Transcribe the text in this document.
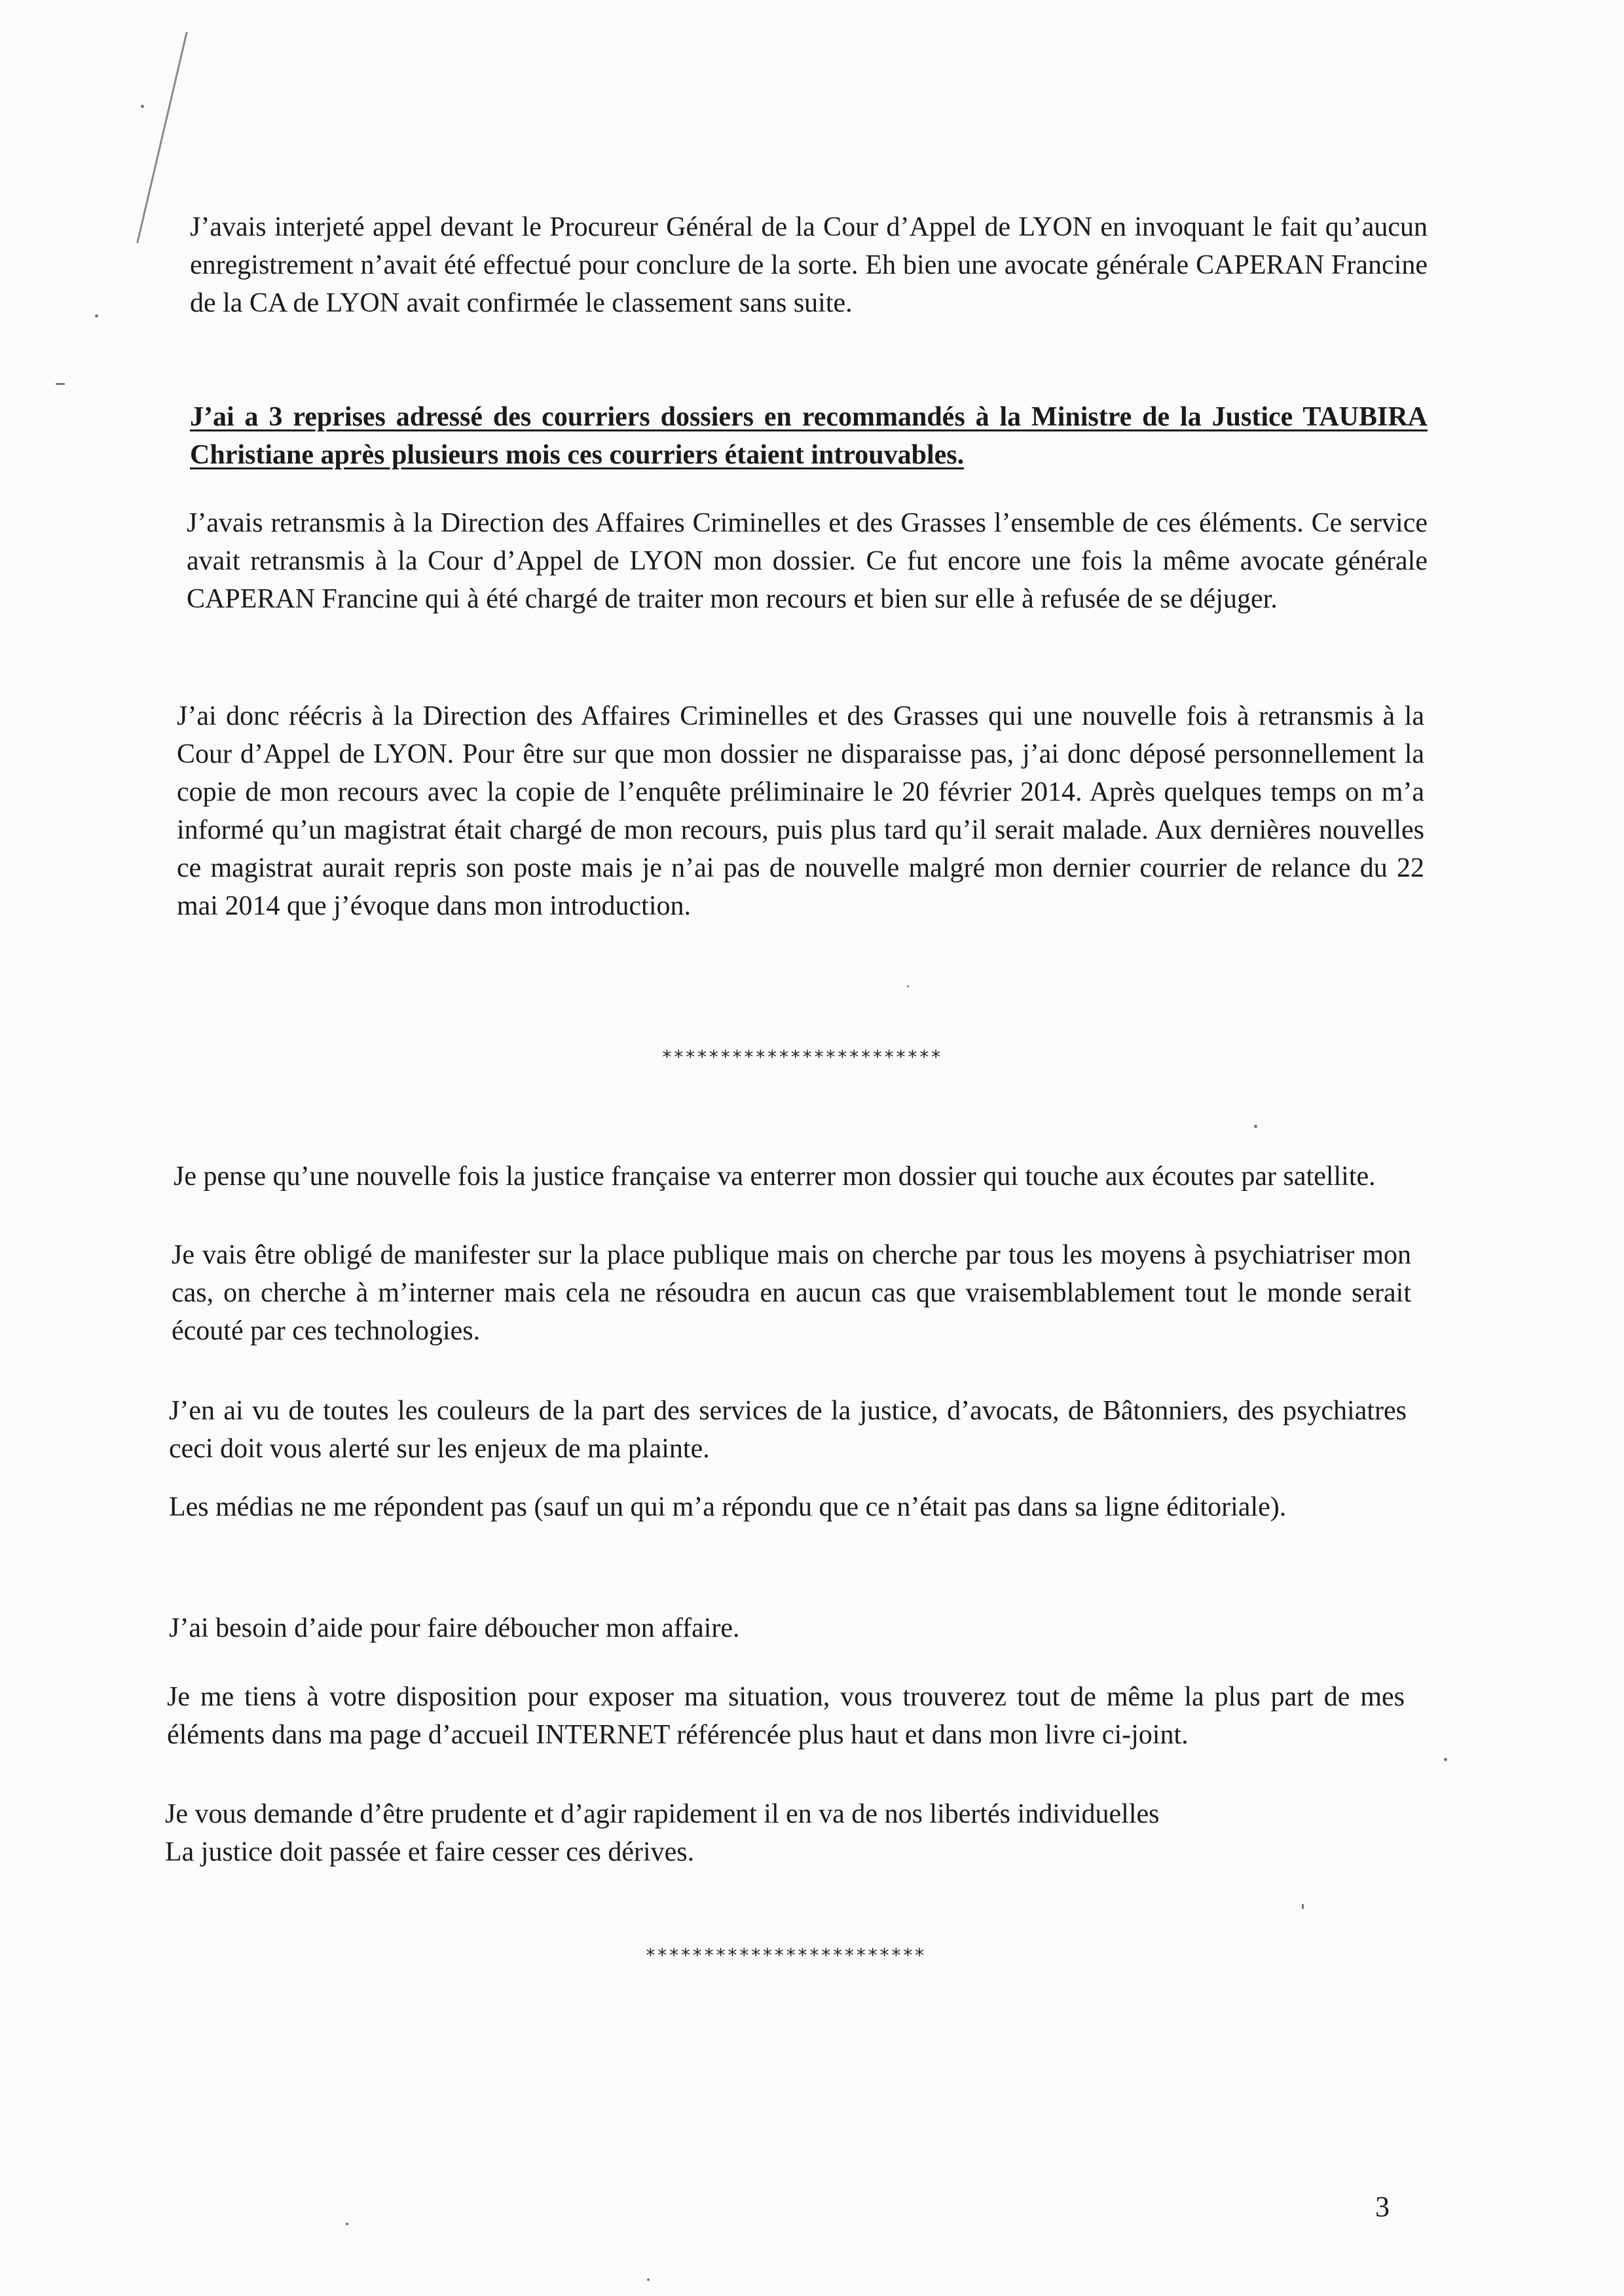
J’avais interjeté appel devant le Procureur Général de la Cour d’Appel de LYON en invoquant le fait qu’aucun enregistrement n’avait été effectué pour conclure de la sorte. Eh bien une avocate générale CAPERAN Francine de la CA de LYON avait confirmée le classement sans suite.

J’ai a 3 reprises adressé des courriers dossiers en recommandés à la Ministre de la Justice TAUBIRA Christiane après plusieurs mois ces courriers étaient introuvables.

J’avais retransmis à la Direction des Affaires Criminelles et des Grasses l’ensemble de ces éléments. Ce service avait retransmis à la Cour d’Appel de LYON mon dossier. Ce fut encore une fois la même avocate générale CAPERAN Francine qui à été chargé de traiter mon recours et bien sur elle à refusée de se déjuger.

J’ai donc réécris à la Direction des Affaires Criminelles et des Grasses qui une nouvelle fois à retransmis à la Cour d’Appel de LYON. Pour être sur que mon dossier ne disparaisse pas, j’ai donc déposé personnellement la copie de mon recours avec la copie de l’enquête préliminaire le 20 février 2014. Après quelques temps on m’a informé qu’un magistrat était chargé de mon recours, puis plus tard qu’il serait malade. Aux dernières nouvelles ce magistrat aurait repris son poste mais je n’ai pas de nouvelle malgré mon dernier courrier de relance du 22 mai 2014 que j’évoque dans mon introduction.

************************

Je pense qu’une nouvelle fois la justice française va enterrer mon dossier qui touche aux écoutes par satellite.

Je vais être obligé de manifester sur la place publique mais on cherche par tous les moyens à psychiatriser mon cas, on cherche à m’interner mais cela ne résoudra en aucun cas que vraisemblablement tout le monde serait écouté par ces technologies.

J’en ai vu de toutes les couleurs de la part des services de la justice, d’avocats, de Bâtonniers, des psychiatres ceci doit vous alerté sur les enjeux de ma plainte.

Les médias ne me répondent pas (sauf un qui m’a répondu que ce n’était pas dans sa ligne éditoriale).

J’ai besoin d’aide pour faire déboucher mon affaire.

Je me tiens à votre disposition pour exposer ma situation, vous trouverez tout de même la plus part de mes éléments dans ma page d’accueil INTERNET référencée plus haut et dans mon livre ci-joint.

Je vous demande d’être prudente et d’agir rapidement il en va de nos libertés individuelles

La justice doit passée et faire cesser ces dérives.

************************
3
